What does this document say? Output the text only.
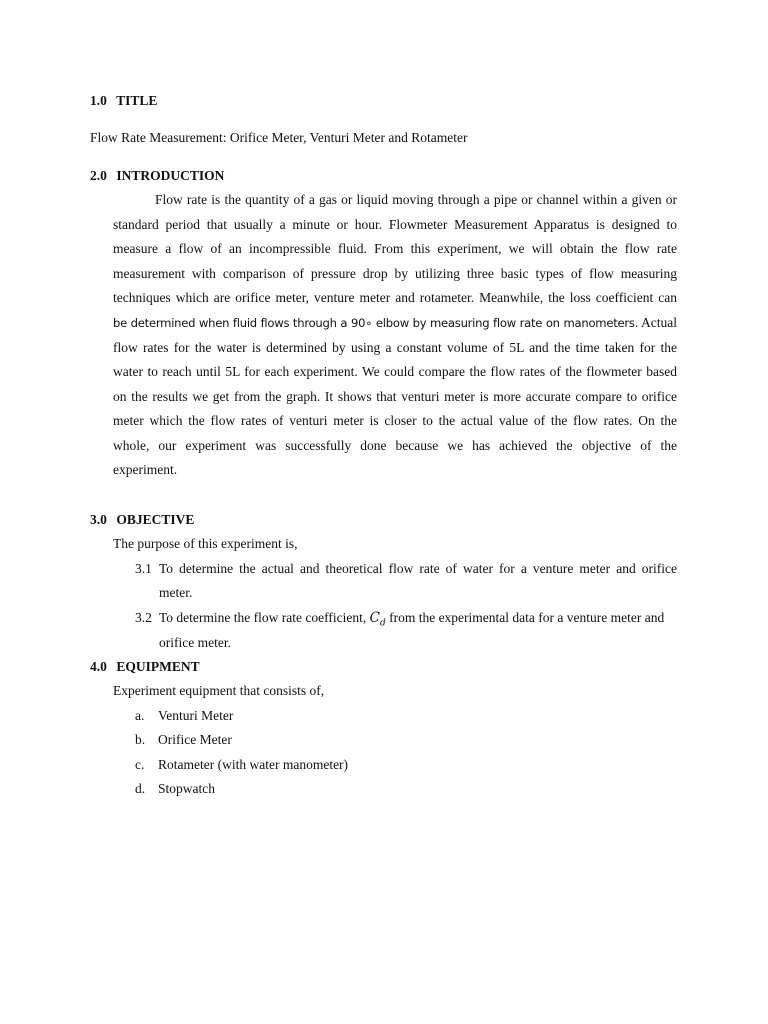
1.0 TITLE
Flow Rate Measurement: Orifice Meter, Venturi Meter and Rotameter
2.0 INTRODUCTION
Flow rate is the quantity of a gas or liquid moving through a pipe or channel within a given or
standard period that usually a minute or hour. Flowmeter Measurement Apparatus is designed to
measure a flow of an incompressible fluid. From this experiment, we will obtain the flow rate
measurement with comparison of pressure drop by utilizing three basic types of flow measuring
techniques which are orifice meter, venture meter and rotameter. Meanwhile, the loss coefficient can
be determined when fluid flows through a 90∘ elbow by measuring flow rate on manometers. Actual
flow rates for the water is determined by using a constant volume of 5L and the time taken for the
water to reach until 5L for each experiment. We could compare the flow rates of the flowmeter based
on the results we get from the graph. It shows that venturi meter is more accurate compare to orifice
meter which the flow rates of venturi meter is closer to the actual value of the flow rates. On the
whole, our experiment was successfully done because we has achieved the objective of the
experiment.
3.0 OBJECTIVE
The purpose of this experiment is,
3.1 To determine the actual and theoretical flow rate of water for a venture meter and orifice
meter.
3.2 To determine the flow rate coefficient, $C_d$ from the experimental data for a venture meter and
orifice meter.
4.0 EQUIPMENT
Experiment equipment that consists of,
a. Venturi Meter
b. Orifice Meter
c. Rotameter (with water manometer)
d. Stopwatch
